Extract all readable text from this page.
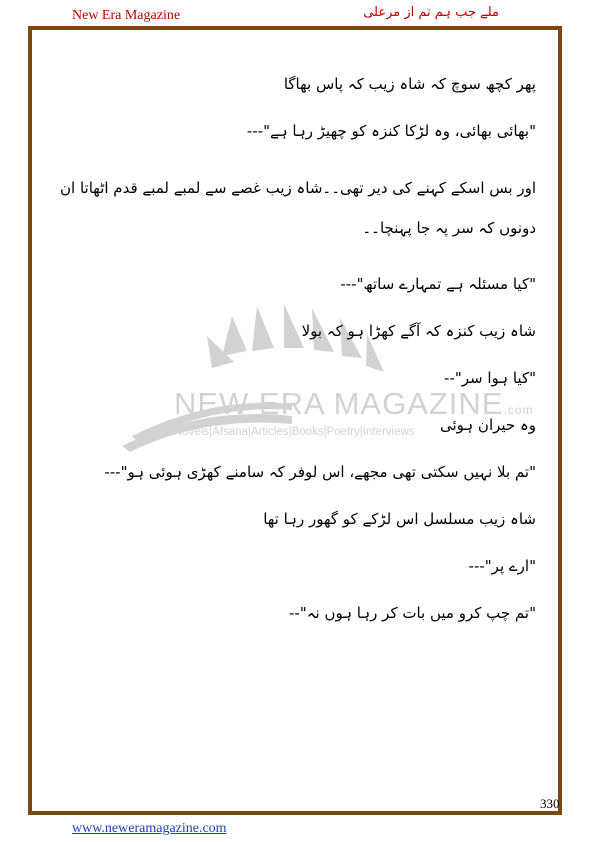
New Era Magazine	ملے جب ہم تم از مرعلی
NEW ERA MAGAZINE.com
Novels|Afsana|Articles|Books|Poetry|Interviews

پھر کچھ سوچ کہ شاہ زیب کہ پاس بھاگا

"بھائی بھائی، وہ لڑکا کنزہ کو چھیڑ رہا ہے"---

اور بس اسکے کہنے کی دیر تھی۔۔شاہ زیب غصے سے لمبے لمبے قدم اٹھاتا ان دونوں کہ سر پہ جا پہنچا۔۔

"کیا مسئلہ ہے تمہارے ساتھ"---

شاہ زیب کنزہ کہ آگے کھڑا ہو کہ بولا

"کیا ہوا سر"--

وہ حیران ہوئی

"تم بلا نہیں سکتی تھی مجھے، اس لوفر کہ سامنے کھڑی ہوئی ہو"---

شاہ زیب مسلسل اس لڑکے کو گھور رہا تھا

"ارے پر"---

"تم چپ کرو میں بات کر رہا ہوں نہ"--

330
www.neweramagazine.com
